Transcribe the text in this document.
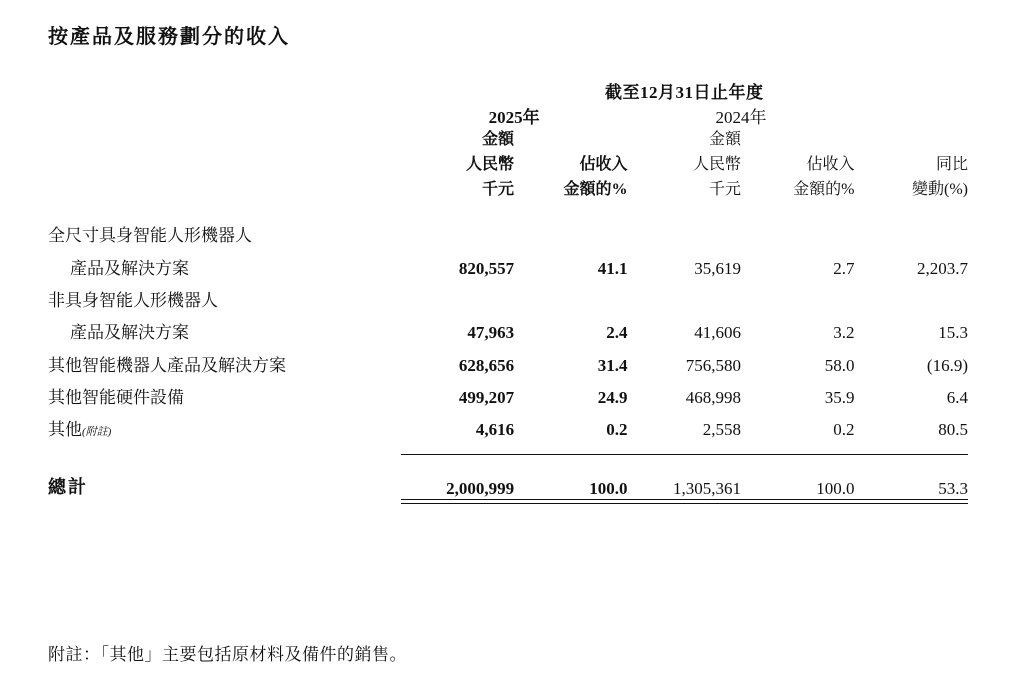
按產品及服務劃分的收入
	截至12月31日止年度				
	2025年		2024年		
	金額		金額		
	人民幣	佔收入	人民幣	佔收入	同比
	千元	金額的%	千元	金額的%	變動(%)

全尺寸具身智能人形機器人					
產品及解決方案	820,557	41.1	35,619	2.7	2,203.7
非具身智能人形機器人					
產品及解決方案	47,963	2.4	41,606	3.2	15.3
其他智能機器人產品及解決方案	628,656	31.4	756,580	58.0	(16.9)
其他智能硬件設備	499,207	24.9	468,998	35.9	6.4
其他(附註)	4,616	0.2	2,558	0.2	80.5

總計	2,000,999	100.0	1,305,361	100.0	53.3

附註：「其他」主要包括原材料及備件的銷售。
